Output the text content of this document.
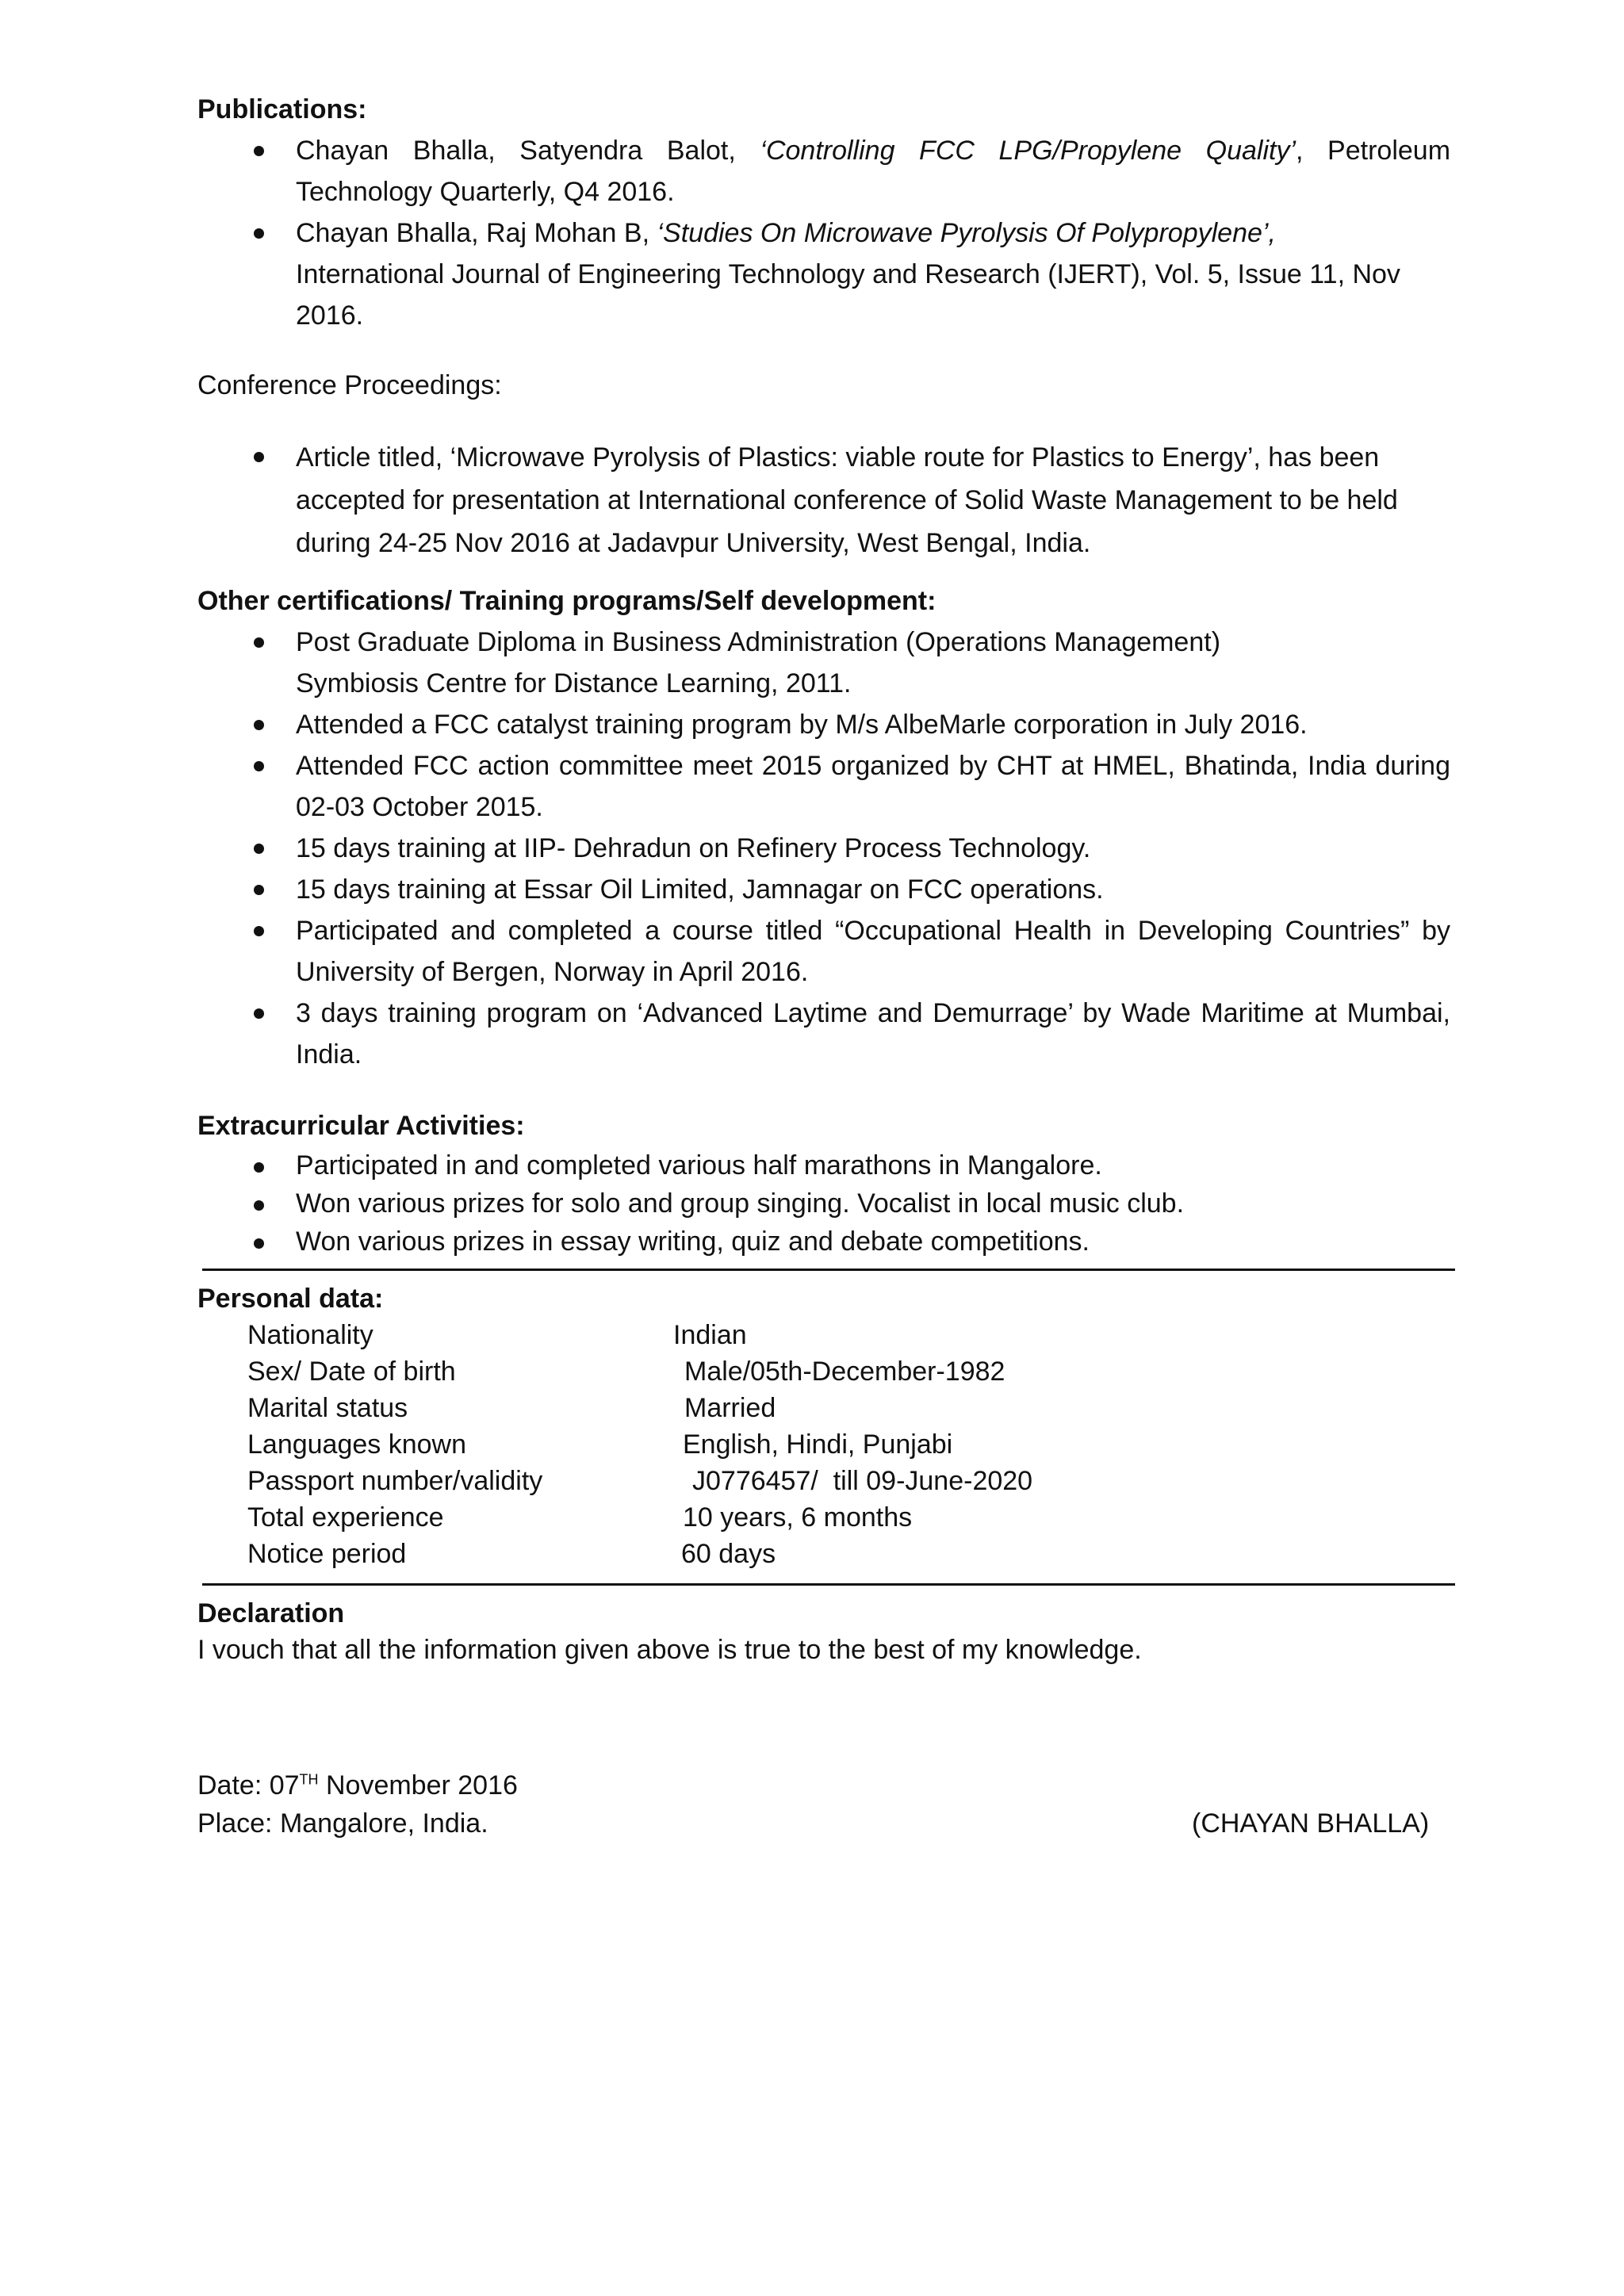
Publications:

Chayan Bhalla, Satyendra Balot, ‘Controlling FCC LPG/Propylene Quality’, Petroleum Technology Quarterly, Q4 2016.
Chayan Bhalla, Raj Mohan B, ‘Studies On Microwave Pyrolysis Of Polypropylene’,
International Journal of Engineering Technology and Research (IJERT), Vol. 5, Issue 11, Nov 2016.

Conference Proceedings:

Article titled, ‘Microwave Pyrolysis of Plastics: viable route for Plastics to Energy’, has been accepted for presentation at International conference of Solid Waste Management to be held during 24-25 Nov 2016 at Jadavpur University, West Bengal, India.

Other certifications/ Training programs/Self development:

Post Graduate Diploma in Business Administration (Operations Management)
Symbiosis Centre for Distance Learning, 2011.
Attended a FCC catalyst training program by M/s AlbeMarle corporation in July 2016.
Attended FCC action committee meet 2015 organized by CHT at HMEL, Bhatinda, India during 02-03 October 2015.
15 days training at IIP- Dehradun on Refinery Process Technology.
15 days training at Essar Oil Limited, Jamnagar on FCC operations.
Participated and completed a course titled “Occupational Health in Developing Countries” by University of Bergen, Norway in April 2016.
3 days training program on ‘Advanced Laytime and Demurrage’ by Wade Maritime at Mumbai, India.

Extracurricular Activities:

Participated in and completed various half marathons in Mangalore.
Won various prizes for solo and group singing. Vocalist in local music club.
Won various prizes in essay writing, quiz and debate competitions.

Personal data:

Nationality	Indian
Sex/ Date of birth	Male/05th-December-1982
Marital status	Married
Languages known	English, Hindi, Punjabi
Passport number/validity	J0776457/  till 09-June-2020
Total experience	10 years, 6 months
Notice period	60 days

Declaration

I vouch that all the information given above is true to the best of my knowledge.

Date: 07TH November 2016
Place: Mangalore, India.	(CHAYAN BHALLA)
